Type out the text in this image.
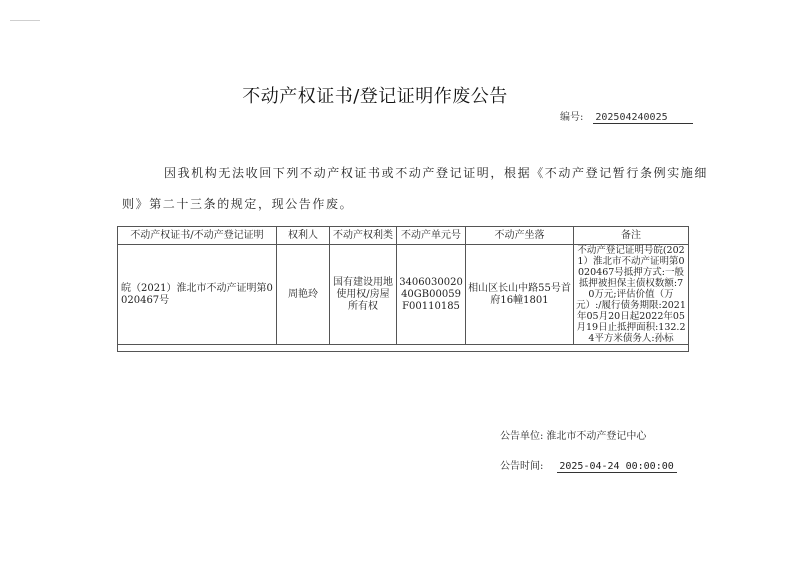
不动产权证书/登记证明作废公告
编号: 202504240025

因我机构无法收回下列不动产权证书或不动产登记证明，根据《不动产登记暂行条例实施细则》第二十三条的规定，现公告作废。

不动产权证书/不动产登记证明	权利人	不动产权利类	不动产单元号	不动产坐落	备注
皖（2021）淮北市不动产证明第0020467号	周艳玲	国有建设用地使用权/房屋所有权	340603002040GB00059F00110185	相山区长山中路55号首府16幢1801	不动产登记证明号皖(2021）淮北市不动产证明第0020467号抵押方式:一般抵押被担保主债权数额:70万元;评估价值（万元）:/履行债务期限:2021年05月20日起2022年05月19日止抵押面积:132.24平方米债务人:孙标

公告单位: 淮北市不动产登记中心
公告时间: 2025-04-24 00:00:00
